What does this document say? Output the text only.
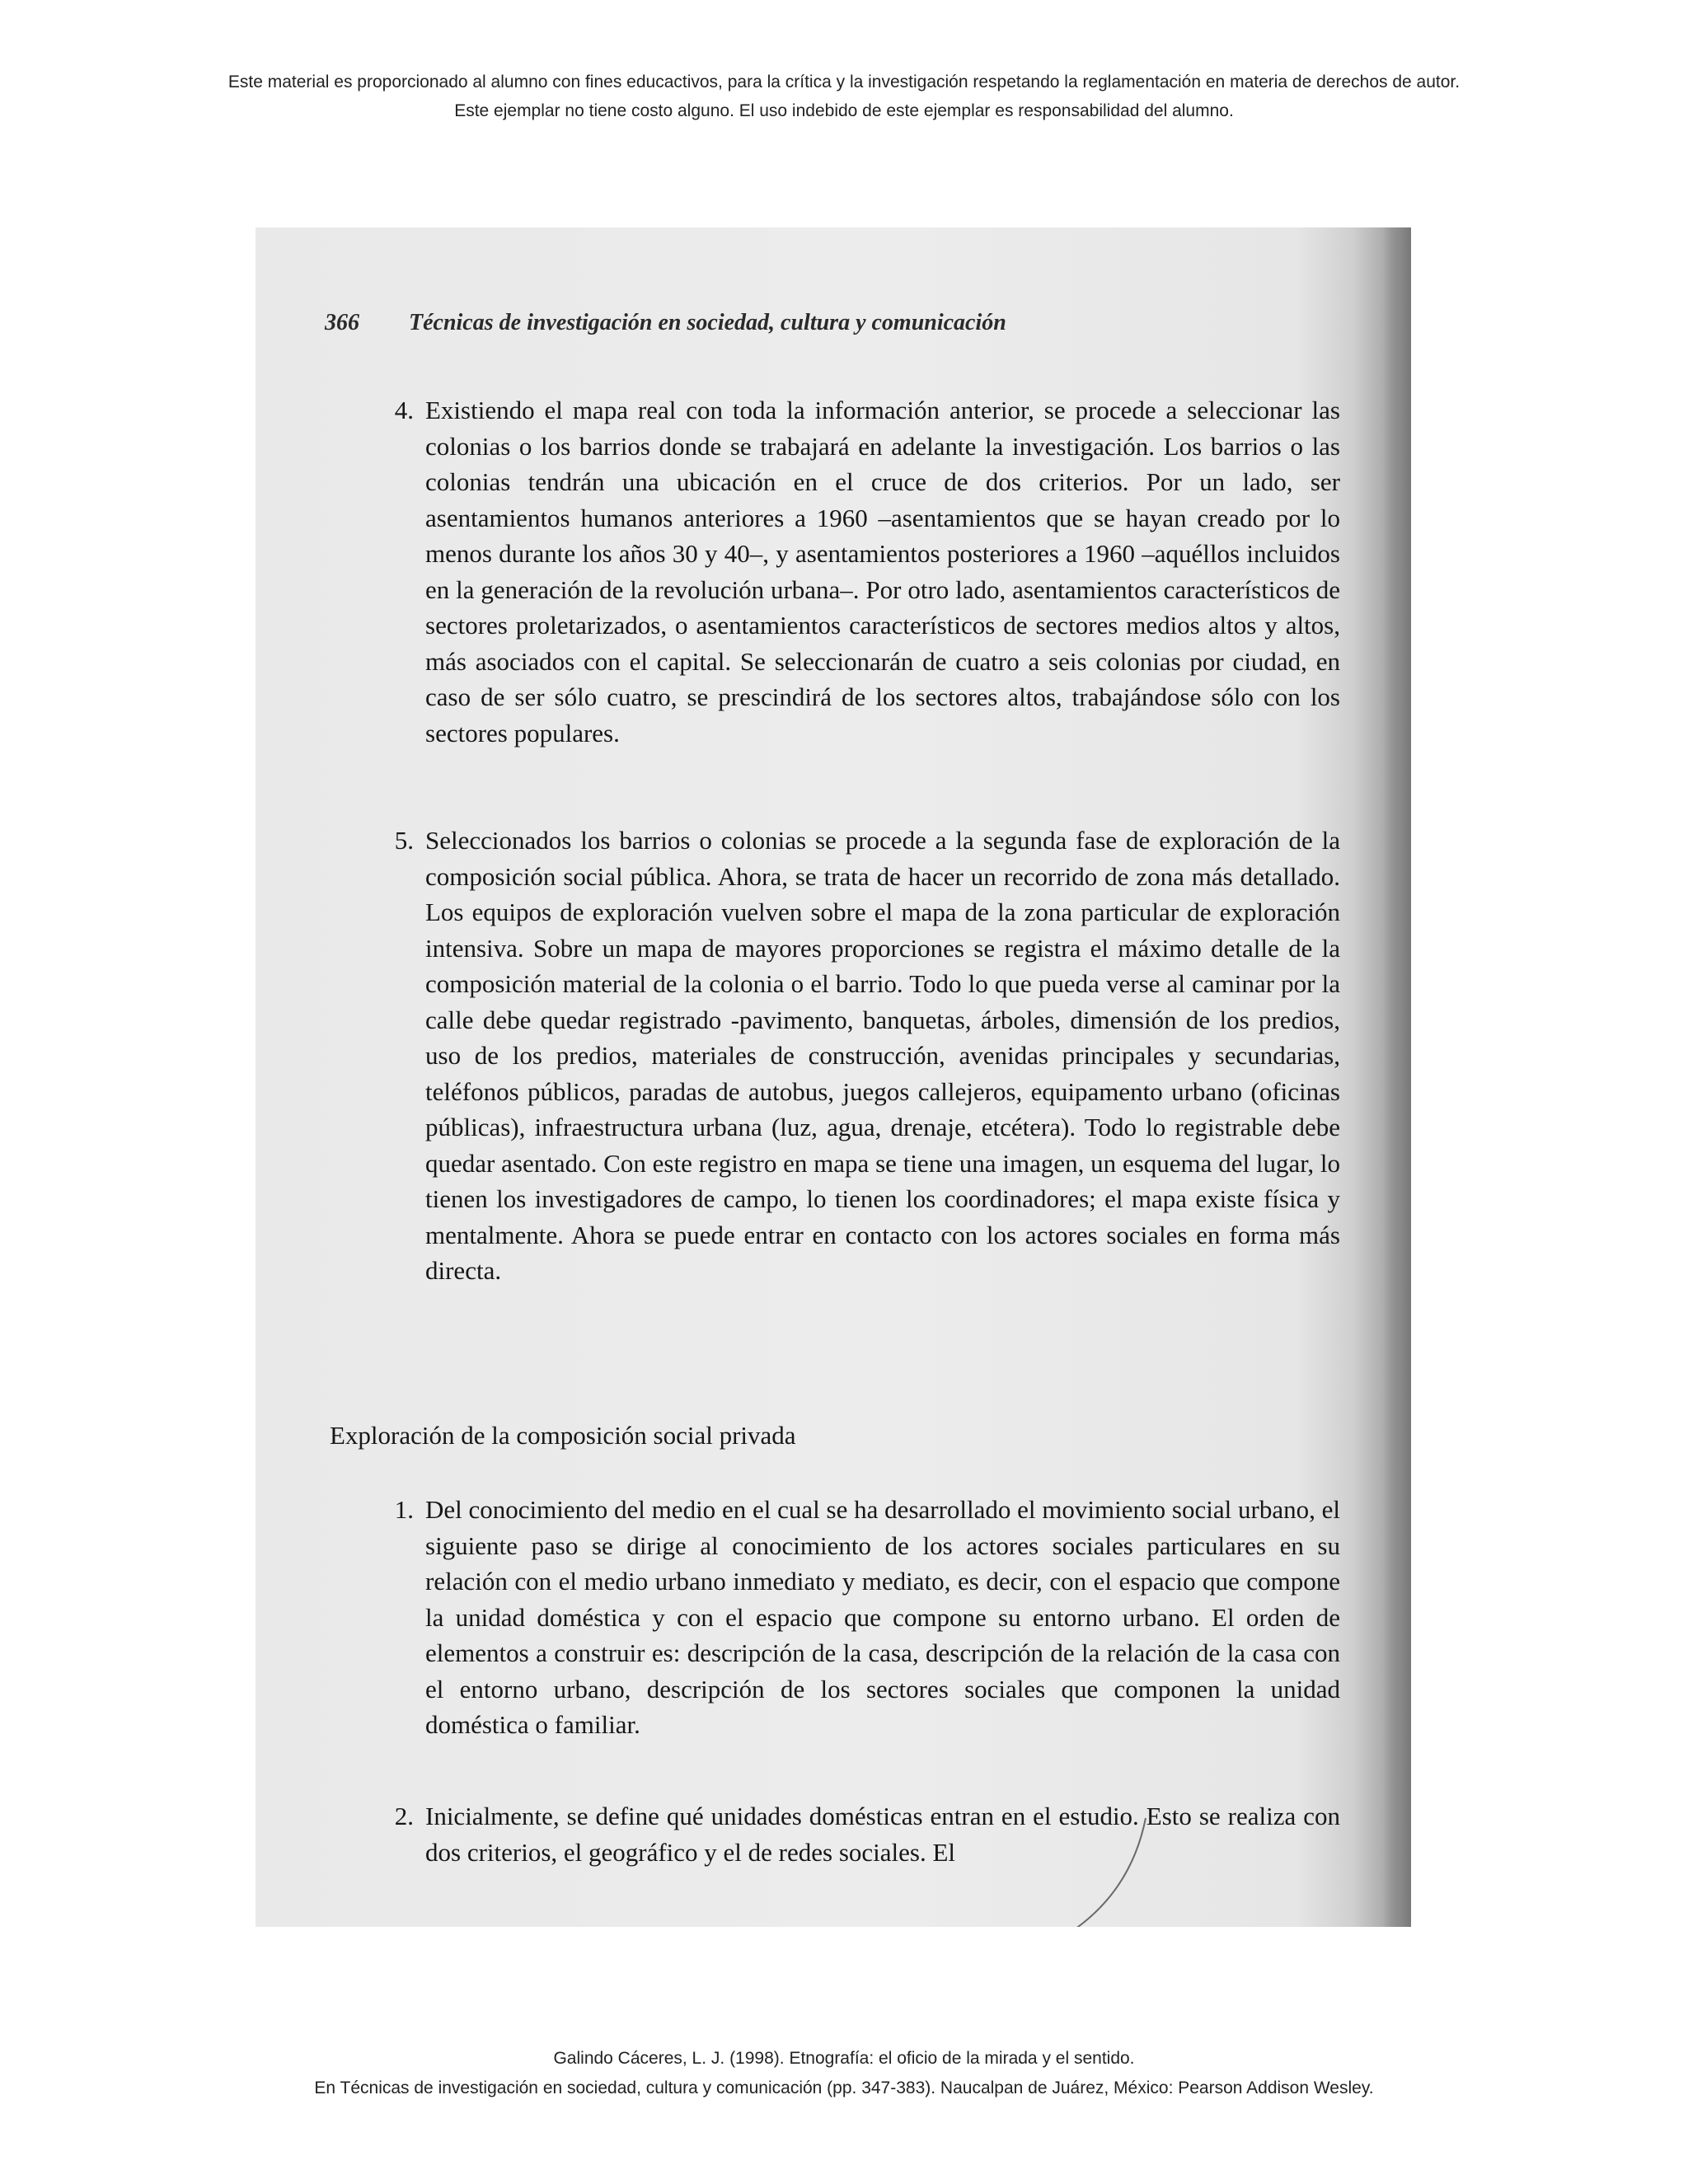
Este material es proporcionado al alumno con fines educactivos, para la crítica y la investigación respetando la reglamentación en materia de derechos de autor.
Este ejemplar no tiene costo alguno. El uso indebido de este ejemplar es responsabilidad del alumno.
366 Técnicas de investigación en sociedad, cultura y comunicación
4. Existiendo el mapa real con toda la información anterior, se procede a seleccionar las colonias o los barrios donde se trabajará en adelante la investigación. Los barrios o las colonias tendrán una ubicación en el cruce de dos criterios. Por un lado, ser asentamientos humanos anteriores a 1960 –asentamientos que se hayan creado por lo menos durante los años 30 y 40–, y asentamientos posteriores a 1960 –aquéllos incluidos en la generación de la revolución urbana–. Por otro lado, asentamientos característicos de sectores proletarizados, o asentamientos característicos de sectores medios altos y altos, más asociados con el capital. Se seleccionarán de cuatro a seis colonias por ciudad, en caso de ser sólo cuatro, se prescindirá de los sectores altos, trabajándose sólo con los sectores populares.
5. Seleccionados los barrios o colonias se procede a la segunda fase de exploración de la composición social pública. Ahora, se trata de hacer un recorrido de zona más detallado. Los equipos de exploración vuelven sobre el mapa de la zona particular de exploración intensiva. Sobre un mapa de mayores proporciones se registra el máximo detalle de la composición material de la colonia o el barrio. Todo lo que pueda verse al caminar por la calle debe quedar registrado -pavimento, banquetas, árboles, dimensión de los predios, uso de los predios, materiales de construcción, avenidas principales y secundarias, teléfonos públicos, paradas de autobus, juegos callejeros, equipamento urbano (oficinas públicas), infraestructura urbana (luz, agua, drenaje, etcétera). Todo lo registrable debe quedar asentado. Con este registro en mapa se tiene una imagen, un esquema del lugar, lo tienen los investigadores de campo, lo tienen los coordinadores; el mapa existe física y mentalmente. Ahora se puede entrar en contacto con los actores sociales en forma más directa.
Exploración de la composición social privada
1. Del conocimiento del medio en el cual se ha desarrollado el movimiento social urbano, el siguiente paso se dirige al conocimiento de los actores sociales particulares en su relación con el medio urbano inmediato y mediato, es decir, con el espacio que compone la unidad doméstica y con el espacio que compone su entorno urbano. El orden de elementos a construir es: descripción de la casa, descripción de la relación de la casa con el entorno urbano, descripción de los sectores sociales que componen la unidad doméstica o familiar.
2. Inicialmente, se define qué unidades domésticas entran en el estudio. Esto se realiza con dos criterios, el geográfico y el de redes sociales. El
Galindo Cáceres, L. J. (1998). Etnografía: el oficio de la mirada y el sentido.
En Técnicas de investigación en sociedad, cultura y comunicación (pp. 347-383). Naucalpan de Juárez, México: Pearson Addison Wesley.
